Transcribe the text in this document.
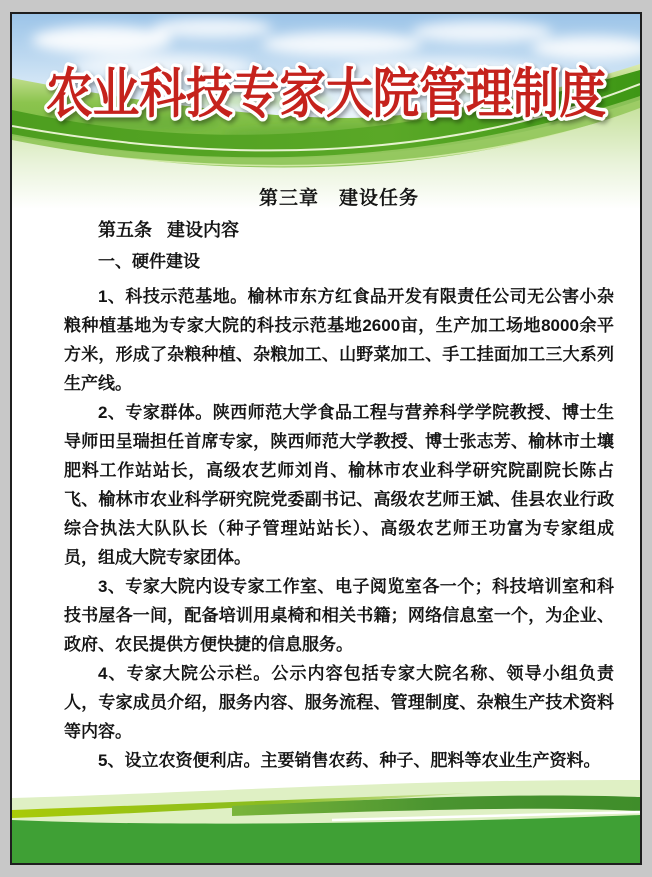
农业科技专家大院管理制度
第三章　建设任务
第五条 建设内容
一、硬件建设

1、科技示范基地。榆林市东方红食品开发有限责任公司无公害小杂粮种植基地为专家大院的科技示范基地2600亩，生产加工场地8000余平方米，形成了杂粮种植、杂粮加工、山野菜加工、手工挂面加工三大系列生产线。

2、专家群体。陕西师范大学食品工程与营养科学学院教授、博士生导师田呈瑞担任首席专家，陕西师范大学教授、博士张志芳、榆林市土壤肥料工作站站长，高级农艺师刘肖、榆林市农业科学研究院副院长陈占飞、榆林市农业科学研究院党委副书记、高级农艺师王斌、佳县农业行政综合执法大队队长（种子管理站站长）、高级农艺师王功富为专家组成员，组成大院专家团体。

3、专家大院内设专家工作室、电子阅览室各一个；科技培训室和科技书屋各一间，配备培训用桌椅和相关书籍；网络信息室一个，为企业、政府、农民提供方便快捷的信息服务。

4、专家大院公示栏。公示内容包括专家大院名称、领导小组负责人，专家成员介绍，服务内容、服务流程、管理制度、杂粮生产技术资料等内容。

5、设立农资便利店。主要销售农药、种子、肥料等农业生产资料。
